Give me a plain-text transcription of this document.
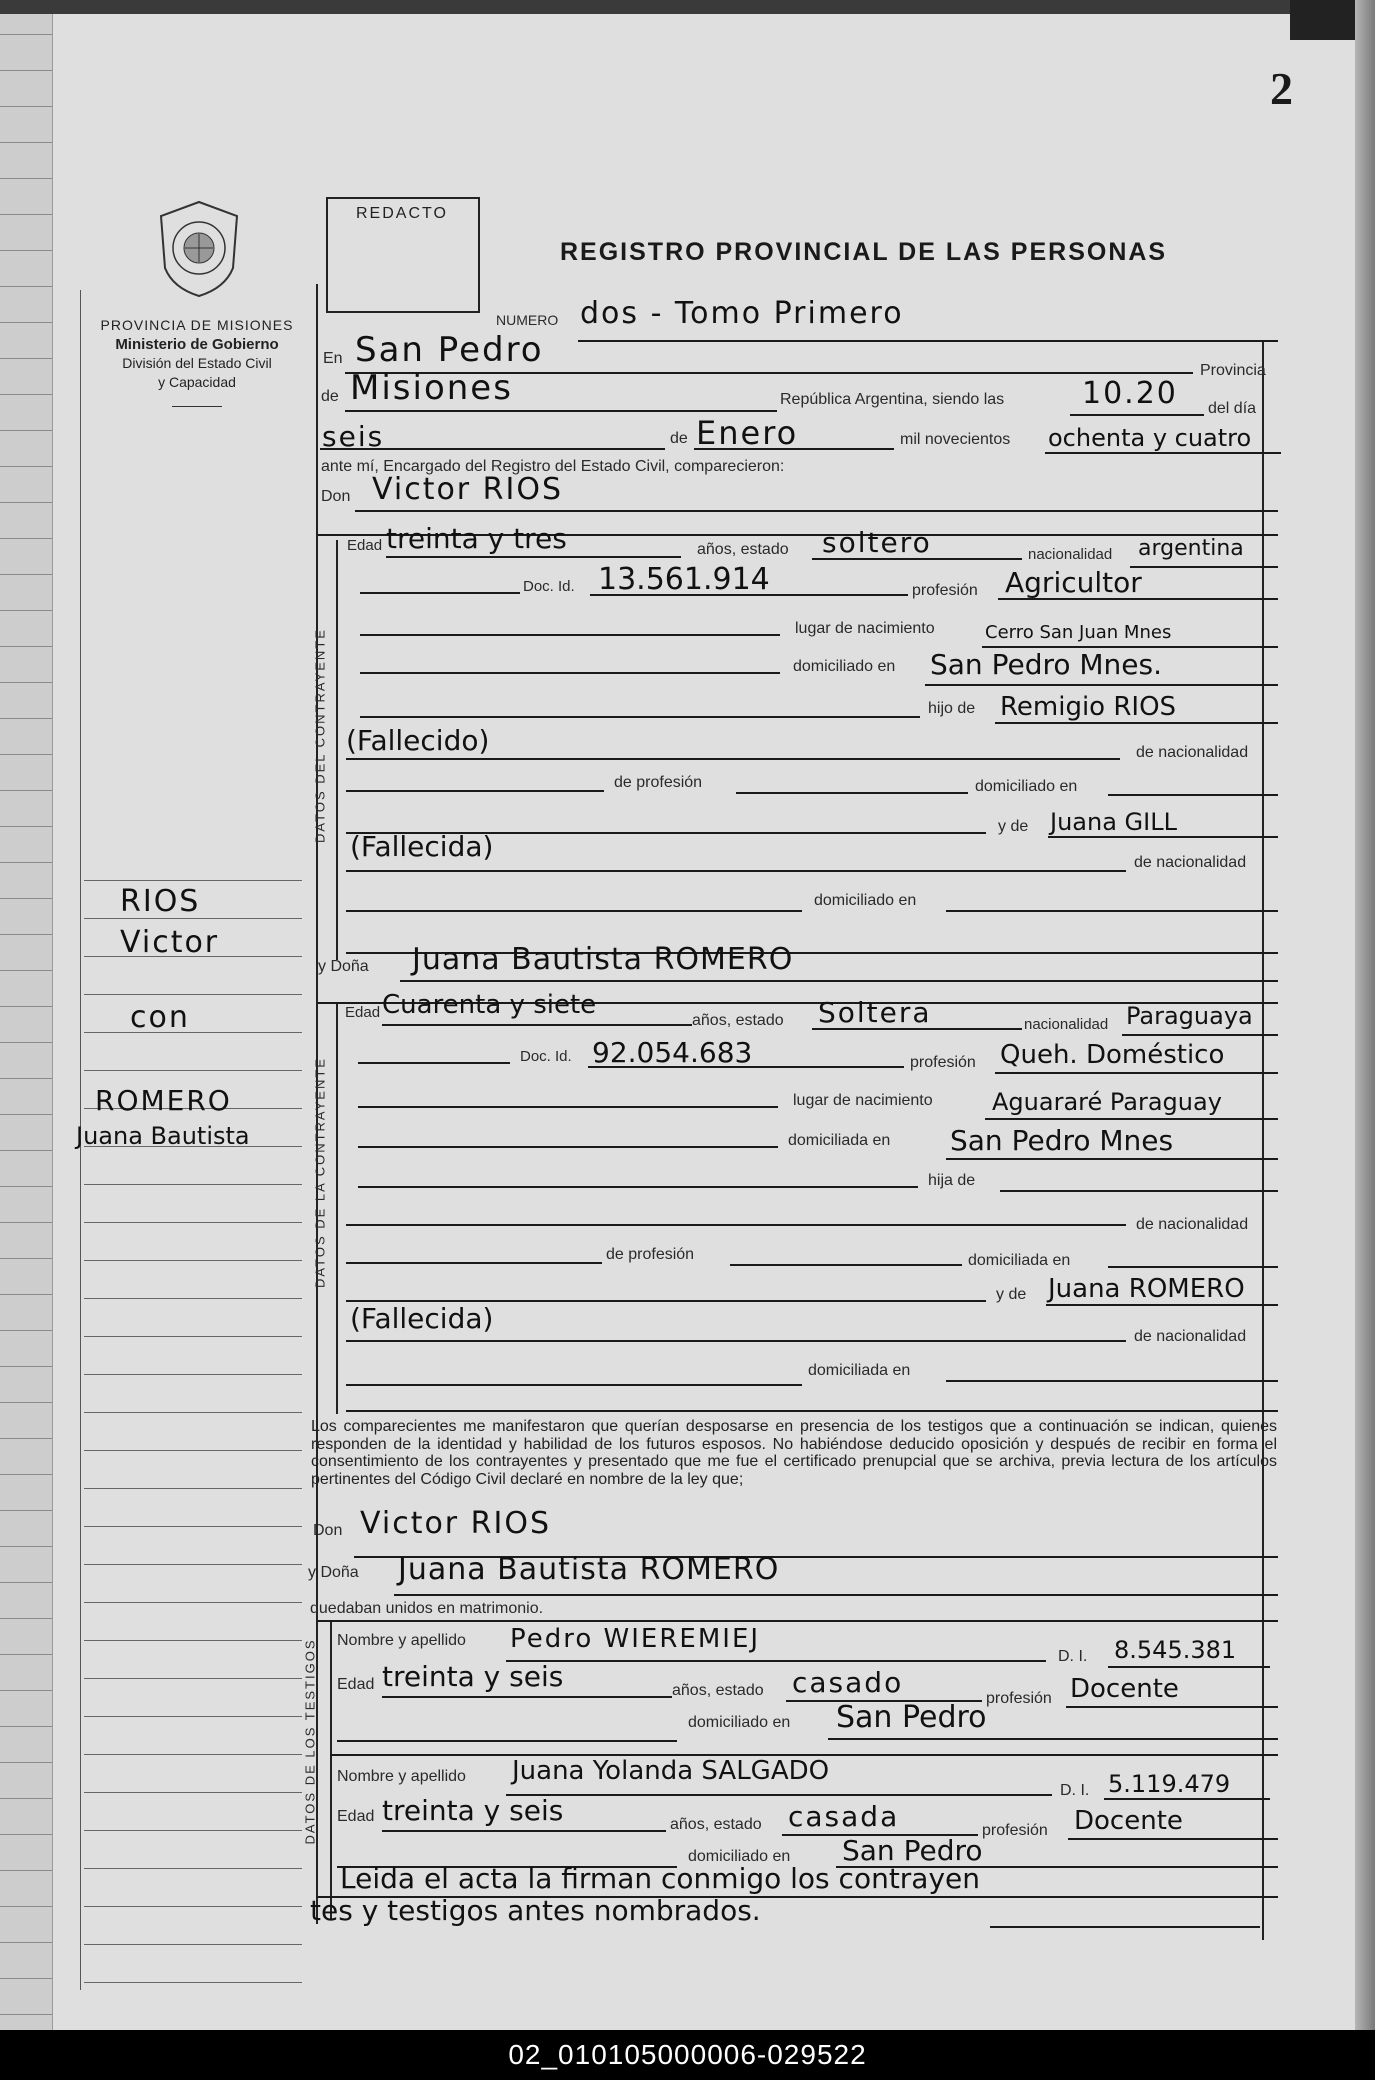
2
REDACTO
REGISTRO PROVINCIAL DE LAS PERSONAS
PROVINCIA DE MISIONES
Ministerio de Gobierno
División del Estado Civil
y Capacidad
RIOS
Victor
con
ROMERO
Juana Bautista
DATOS DEL CONTRAYENTE
DATOS DE LA CONTRAYENTE
DATOS DE LOS TESTIGOS
NUMERO dos - Tomo Primero
En San Pedro
Provincia
de Misiones	República Argentina, siendo las	10.20 del día
seis	de Enero	mil novecientos ochenta y cuatro
ante mí, Encargado del Registro del Estado Civil, comparecieron:
Don Victor RIOS
Edad treinta y tres	años, estado soltero	nacionalidad argentina
Doc. Id. 13.561.914	profesión Agricultor
lugar de nacimiento	Cerro San Juan Mnes
domiciliado en San Pedro Mnes.
hijo de Remigio RIOS
(Fallecido)	de nacionalidad
de profesión	domiciliado en
y de Juana GILL
(Fallecida)	de nacionalidad
domiciliado en
y Doña Juana Bautista ROMERO
Edad Cuarenta y siete
años, estado Soltera	nacionalidad Paraguaya
Doc. Id. 92.054.683	profesión Queh. Doméstico
lugar de nacimiento Aguararé Paraguay
domiciliada en San Pedro Mnes
hija de
de nacionalidad
de profesión	domiciliada en
y de Juana ROMERO
(Fallecida)
de nacionalidad
domiciliada en
Los comparecientes me manifestaron que querían desposarse en presencia de los testigos que a continuación se indican, quienes responden de la identidad y habilidad de los futuros esposos. No habiéndose deducido oposición y después de recibir en forma el consentimiento de los contrayentes y presentado que me fue el certificado prenupcial que se archiva, previa lectura de los artículos pertinentes del Código Civil declaré en nombre de la ley que;
Don Victor RIOS
y Doña Juana Bautista ROMERO
quedaban unidos en matrimonio.
Nombre y apellido Pedro WIEREMIEJ
D. I. 8.545.381
Edad treinta y seis	años, estado casado	profesión Docente
domiciliado en San Pedro
Nombre y apellido Juana Yolanda SALGADO
D. I. 5.119.479
Edad treinta y seis	años, estado casada	profesión Docente
domiciliado en San Pedro
Leida el acta la firman conmigo los contrayen
tes y testigos antes nombrados.
02_010105000006-029522
